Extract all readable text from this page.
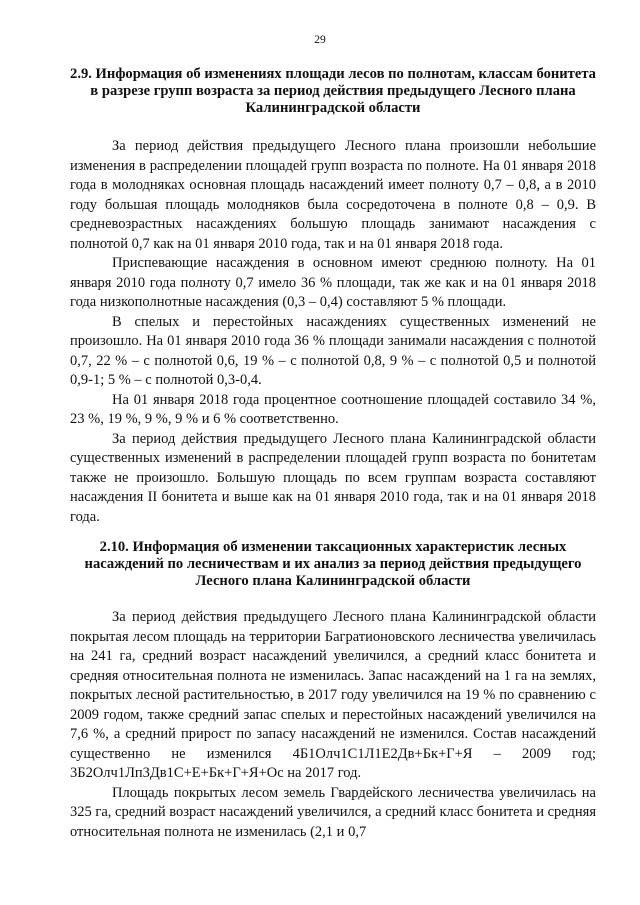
29
2.9. Информация об изменениях площади лесов по полнотам, классам бонитета в разрезе групп возраста за период действия предыдущего Лесного плана Калининградской области

За период действия предыдущего Лесного плана произошли небольшие изменения в распределении площадей групп возраста по полноте. На 01 января 2018 года в молодняках основная площадь насаждений имеет полноту 0,7 – 0,8, а в 2010 году большая площадь молодняков была сосредоточена в полноте 0,8 – 0,9. В средневозрастных насаждениях большую площадь занимают насаждения с полнотой 0,7 как на 01 января 2010 года, так и на 01 января 2018 года.

Приспевающие насаждения в основном имеют среднюю полноту. На 01 января 2010 года полноту 0,7 имело 36 % площади, так же как и на 01 января 2018 года низкополнотные насаждения (0,3 – 0,4) составляют 5 % площади.

В спелых и перестойных насаждениях существенных изменений не произошло. На 01 января 2010 года 36 % площади занимали насаждения с полнотой 0,7, 22 % – с полнотой 0,6, 19 % – с полнотой 0,8, 9 % – с полнотой 0,5 и полнотой 0,9-1; 5 % – с полнотой 0,3-0,4.

На 01 января 2018 года процентное соотношение площадей составило 34 %, 23 %, 19 %, 9 %, 9 % и 6 % соответственно.

За период действия предыдущего Лесного плана Калининградской области существенных изменений в распределении площадей групп возраста по бонитетам также не произошло. Большую площадь по всем группам возраста составляют насаждения II бонитета и выше как на 01 января 2010 года, так и на 01 января 2018 года.

2.10. Информация об изменении таксационных характеристик лесных насаждений по лесничествам и их анализ за период действия предыдущего Лесного плана Калининградской области

За период действия предыдущего Лесного плана Калининградской области покрытая лесом площадь на территории Багратионовского лесничества увеличилась на 241 га, средний возраст насаждений увеличился, а средний класс бонитета и средняя относительная полнота не изменилась. Запас насаждений на 1 га на землях, покрытых лесной растительностью, в 2017 году увеличился на 19 % по сравнению с 2009 годом, также средний запас спелых и перестойных насаждений увеличился на 7,6 %, а средний прирост по запасу насаждений не изменился. Состав насаждений существенно не изменился 4Б1Олч1С1Л1Е2Дв+Бк+Г+Я – 2009 год; 3Б2Олч1Лп3Дв1С+Е+Бк+Г+Я+Ос на 2017 год.

Площадь покрытых лесом земель Гвардейского лесничества увеличилась на 325 га, средний возраст насаждений увеличился, а средний класс бонитета и средняя относительная полнота не изменилась (2,1 и 0,7
